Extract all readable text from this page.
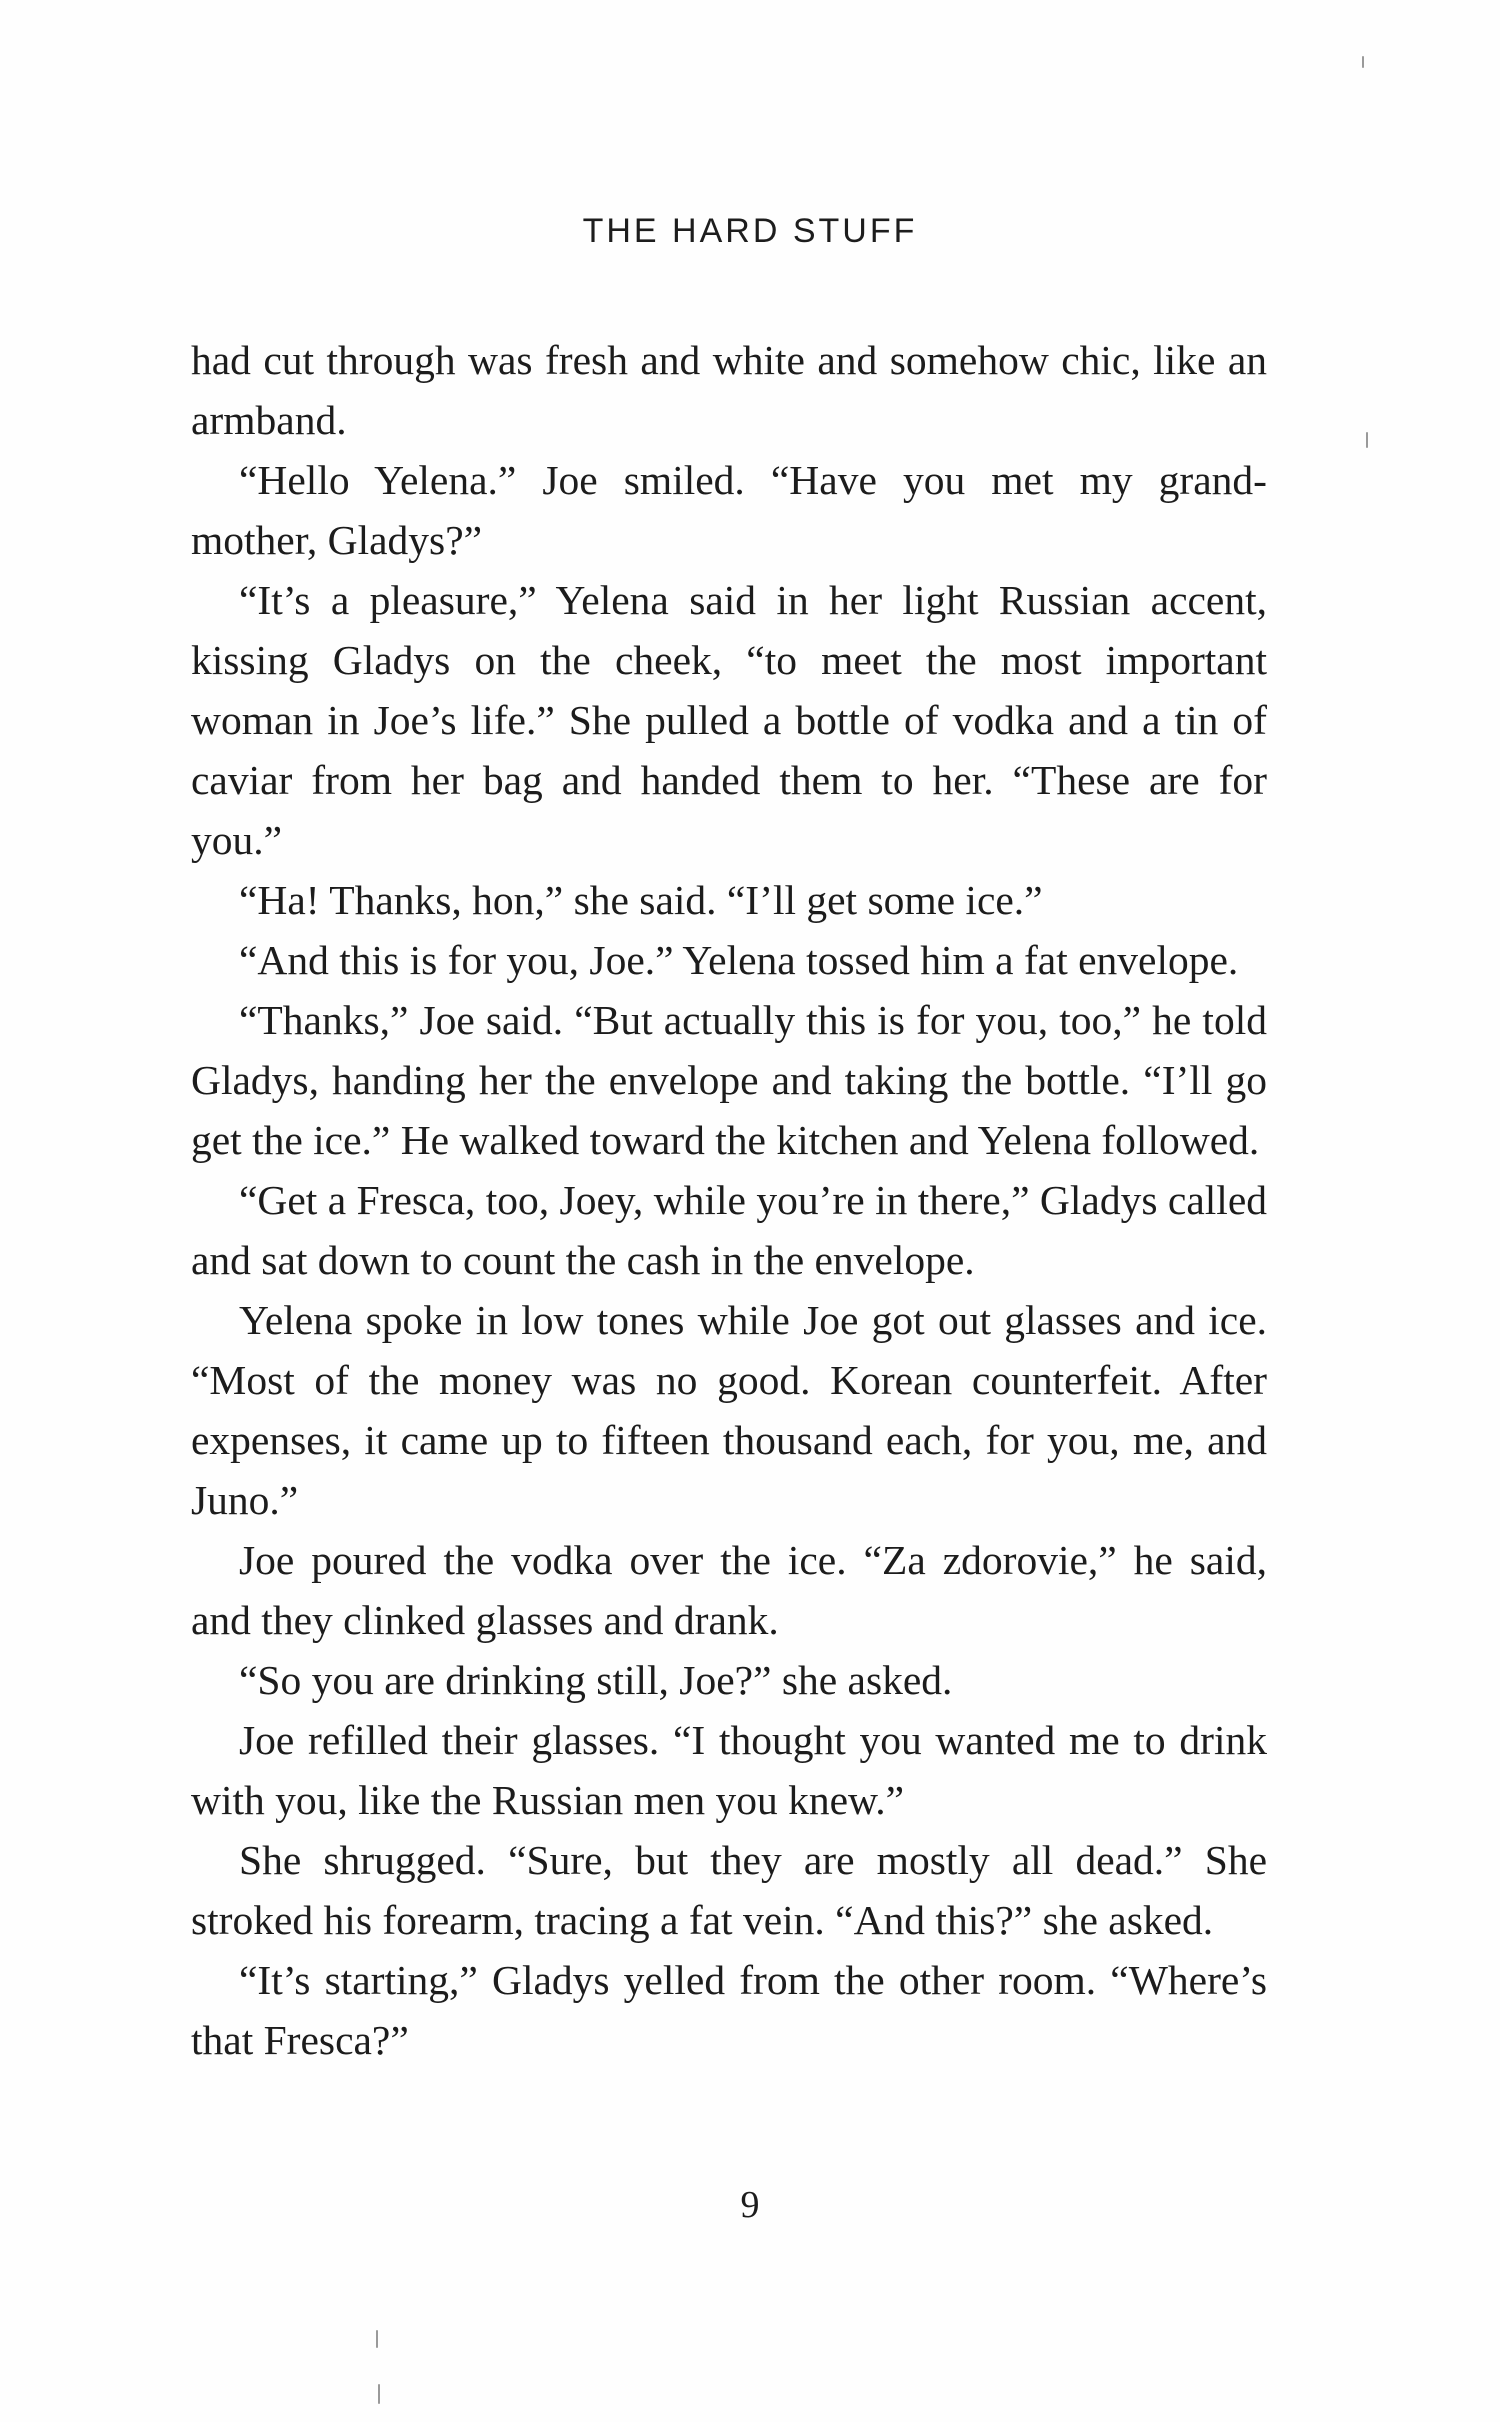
THE HARD STUFF

had cut through was fresh and white and somehow chic, like an armband.

“Hello Yelena.” Joe smiled. “Have you met my grand-mother, Gladys?”

“It’s a pleasure,” Yelena said in her light Russian accent, kissing Gladys on the cheek, “to meet the most important woman in Joe’s life.” She pulled a bottle of vodka and a tin of caviar from her bag and handed them to her. “These are for you.”

“Ha! Thanks, hon,” she said. “I’ll get some ice.”

“And this is for you, Joe.” Yelena tossed him a fat envelope.

“Thanks,” Joe said. “But actually this is for you, too,” he told Gladys, handing her the envelope and taking the bottle. “I’ll go get the ice.” He walked toward the kitchen and Yelena followed.

“Get a Fresca, too, Joey, while you’re in there,” Gladys called and sat down to count the cash in the envelope.

Yelena spoke in low tones while Joe got out glasses and ice. “Most of the money was no good. Korean counterfeit. After expenses, it came up to fifteen thousand each, for you, me, and Juno.”

Joe poured the vodka over the ice. “Za zdorovie,” he said, and they clinked glasses and drank.

“So you are drinking still, Joe?” she asked.

Joe refilled their glasses. “I thought you wanted me to drink with you, like the Russian men you knew.”

She shrugged. “Sure, but they are mostly all dead.” She stroked his forearm, tracing a fat vein. “And this?” she asked.

“It’s starting,” Gladys yelled from the other room. “Where’s that Fresca?”

9
